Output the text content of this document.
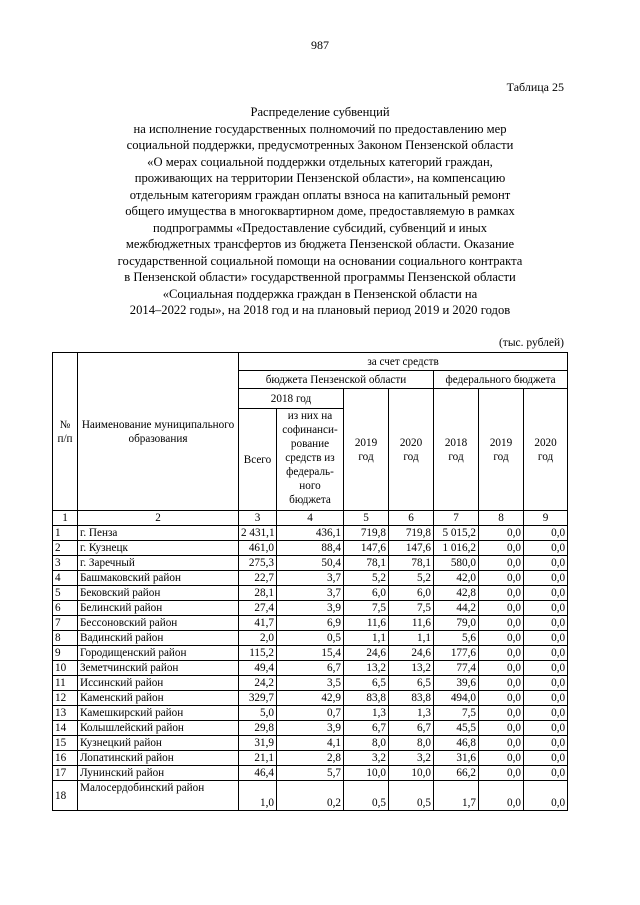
987
Таблица 25
Распределение субвенций
на исполнение государственных полномочий по предоставлению мер
социальной поддержки, предусмотренных Законом Пензенской области
«О мерах социальной поддержки отдельных категорий граждан,
проживающих на территории Пензенской области», на компенсацию
отдельным категориям граждан оплаты взноса на капитальный ремонт
общего имущества в многоквартирном доме, предоставляемую в рамках
подпрограммы «Предоставление субсидий, субвенций и иных
межбюджетных трансфертов из бюджета Пензенской области. Оказание
государственной социальной помощи на основании социального контракта
в Пензенской области» государственной программы Пензенской области
«Социальная поддержка граждан в Пензенской области на
2014–2022 годы», на 2018 год и на плановый период 2019 и 2020 годов
(тыс. рублей)
№ п/п	Наименование муниципального образования	за счет средств						
		бюджета Пензенской области				федерального бюджета		
		2018 год		2019 год	2020 год	2018 год	2019 год	2020 год
		Всего	из них на софинанси-рование средств из федераль-ного бюджета					
1	2	3	4	5	6	7	8	9
1	г. Пенза	2 431,1	436,1	719,8	719,8	5 015,2	0,0	0,0
2	г. Кузнецк	461,0	88,4	147,6	147,6	1 016,2	0,0	0,0
3	г. Заречный	275,3	50,4	78,1	78,1	580,0	0,0	0,0
4	Башмаковский район	22,7	3,7	5,2	5,2	42,0	0,0	0,0
5	Бековский район	28,1	3,7	6,0	6,0	42,8	0,0	0,0
6	Белинский район	27,4	3,9	7,5	7,5	44,2	0,0	0,0
7	Бессоновский район	41,7	6,9	11,6	11,6	79,0	0,0	0,0
8	Вадинский район	2,0	0,5	1,1	1,1	5,6	0,0	0,0
9	Городищенский район	115,2	15,4	24,6	24,6	177,6	0,0	0,0
10	Земетчинский район	49,4	6,7	13,2	13,2	77,4	0,0	0,0
11	Иссинский район	24,2	3,5	6,5	6,5	39,6	0,0	0,0
12	Каменский район	329,7	42,9	83,8	83,8	494,0	0,0	0,0
13	Камешкирский район	5,0	0,7	1,3	1,3	7,5	0,0	0,0
14	Колышлейский район	29,8	3,9	6,7	6,7	45,5	0,0	0,0
15	Кузнецкий район	31,9	4,1	8,0	8,0	46,8	0,0	0,0
16	Лопатинский район	21,1	2,8	3,2	3,2	31,6	0,0	0,0
17	Лунинский район	46,4	5,7	10,0	10,0	66,2	0,0	0,0
18	Малосердобинский район	1,0	0,2	0,5	0,5	1,7	0,0	0,0
